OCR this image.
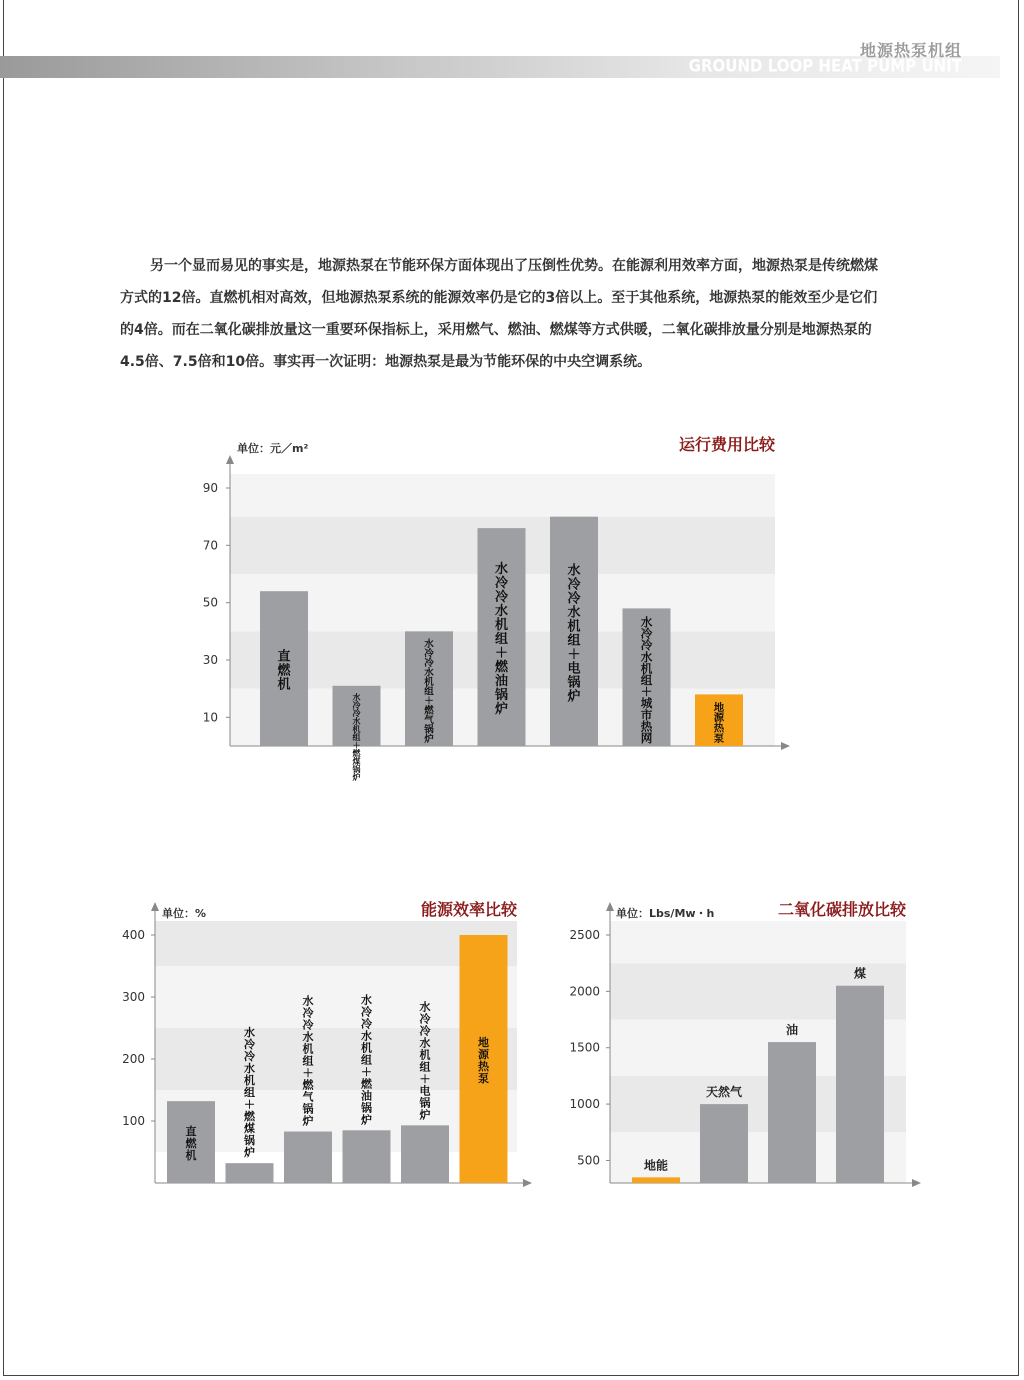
地源热泵机组
GROUND LOOP HEAT PUMP UNIT
另一个显而易见的事实是，地源热泵在节能环保方面体现出了压倒性优势。在能源利用效率方面，地源热泵是传统燃煤方式的12倍。直燃机相对高效，但地源热泵系统的能源效率仍是它的3倍以上。至于其他系统，地源热泵的能效至少是它们的4倍。而在二氧化碳排放量这一重要环保指标上，采用燃气、燃油、燃煤等方式供暖，二氧化碳排放量分别是地源热泵的4.5倍、7.5倍和10倍。事实再一次证明：地源热泵是最为节能环保的中央空调系统。
10
30
50
70
90
运行费用比较
单位：元／m²
直燃机
水冷冷水机组＋燃煤锅炉
水冷冷水机组＋燃气锅炉
水冷冷水机组＋燃油锅炉
水冷冷水机组＋电锅炉
水冷冷水机组＋城市热网
地源热泵
100
200
300
400
能源效率比较
单位：%
直燃机
水冷冷水机组＋燃煤锅炉
水冷冷水机组＋燃气锅炉
水冷冷水机组＋燃油锅炉
水冷冷水机组＋电锅炉
地源热泵
500
1000
1500
2000
2500
二氧化碳排放比较
单位：Lbs/Mw・h
地能
天然气
油
煤
